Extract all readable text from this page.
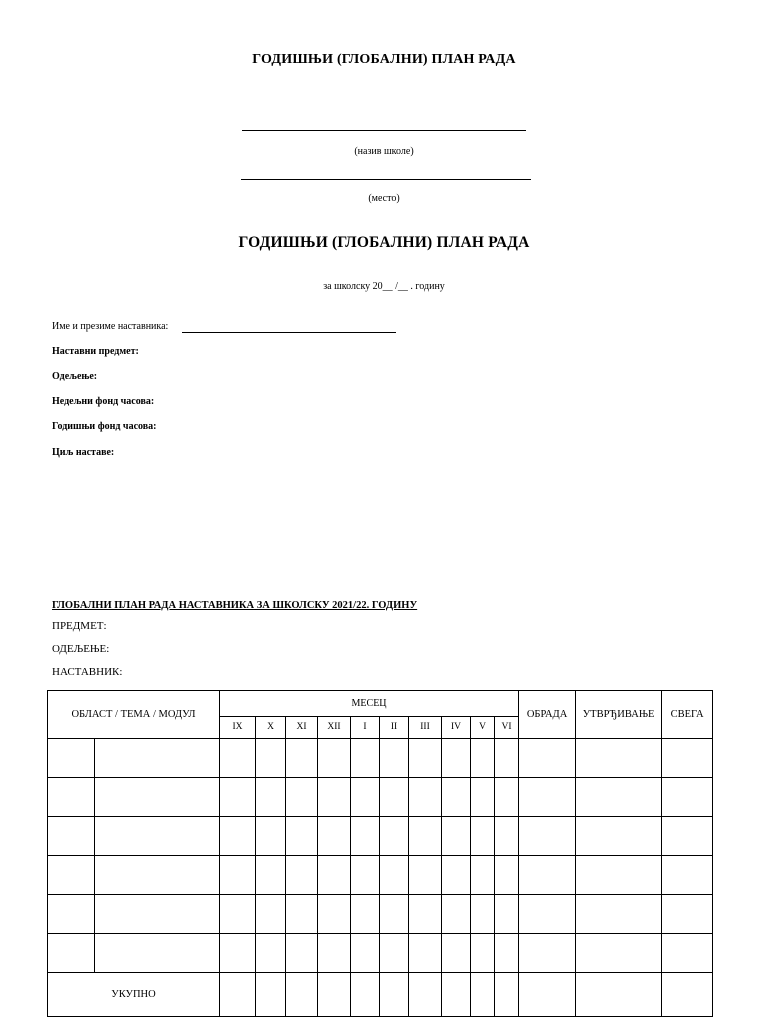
ГОДИШЊИ (ГЛОБАЛНИ) ПЛАН РАДА
(назив школе)
(место)
ГОДИШЊИ (ГЛОБАЛНИ) ПЛАН РАДА
за школску 20__ /__ . годину
Име и презиме наставника:
Наставни предмет:
Одељење:
Недељни фонд часова:
Годишњи фонд часова:
Циљ наставе:
ГЛОБАЛНИ ПЛАН РАДА НАСТАВНИКА ЗА ШКОЛСКУ 2021/22. ГОДИНУ
ПРЕДМЕТ:
ОДЕЉЕЊЕ:
НАСТАВНИК:
ОБЛАСТ / ТЕМА / МОДУЛ		МЕСЕЦ										ОБРАДА	УТВРЂИВАЊЕ	СВЕГА
		IX	X	XI	XII	I	II	III	IV	V	VI			

УКУПНО														
